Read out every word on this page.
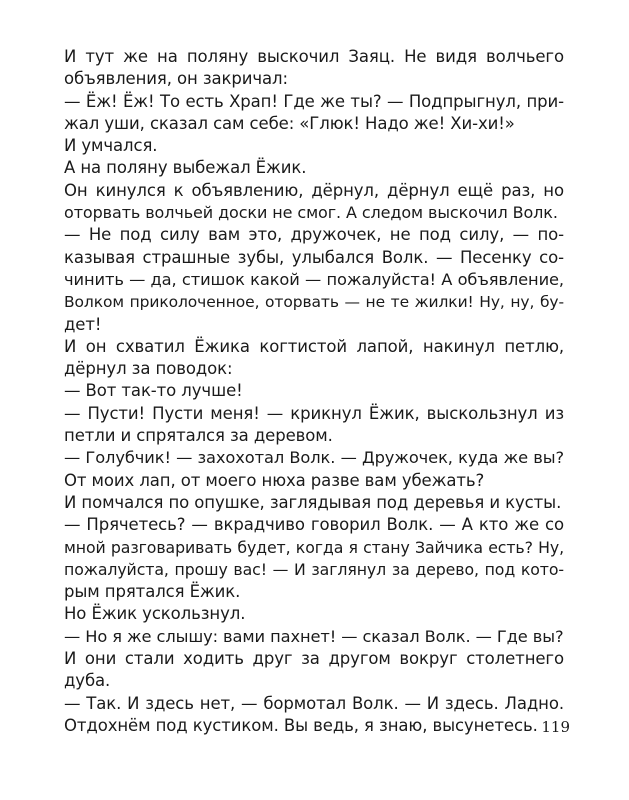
И тут же на поляну выскочил Заяц. Не видя волчьего
объявления, он закричал:
— Ёж! Ёж! То есть Храп! Где же ты? — Подпрыгнул, при-
жал уши, сказал сам себе: «Глюк! Надо же! Хи-хи!»
И умчался.
А на поляну выбежал Ёжик.
Он кинулся к объявлению, дёрнул, дёрнул ещё раз, но
оторвать волчьей доски не смог. А следом выскочил Волк.
— Не под силу вам это, дружочек, не под силу, — по-
казывая страшные зубы, улыбался Волк. — Песенку со-
чинить — да, стишок какой — пожалуйста! А объявление,
Волком приколоченное, оторвать — не те жилки! Ну, ну, бу-
дет!
И он схватил Ёжика когтистой лапой, накинул петлю,
дёрнул за поводок:
— Вот так-то лучше!
— Пусти! Пусти меня! — крикнул Ёжик, выскользнул из
петли и спрятался за деревом.
— Голубчик! — захохотал Волк. — Дружочек, куда же вы?
От моих лап, от моего нюха разве вам убежать?
И помчался по опушке, заглядывая под деревья и кусты.
— Прячетесь? — вкрадчиво говорил Волк. — А кто же со
мной разговаривать будет, когда я стану Зайчика есть? Ну,
пожалуйста, прошу вас! — И заглянул за дерево, под кото-
рым прятался Ёжик.
Но Ёжик ускользнул.
— Но я же слышу: вами пахнет! — сказал Волк. — Где вы?
И они стали ходить друг за другом вокруг столетнего
дуба.
— Так. И здесь нет, — бормотал Волк. — И здесь. Ладно.
Отдохнём под кустиком. Вы ведь, я знаю, высунетесь. 119
